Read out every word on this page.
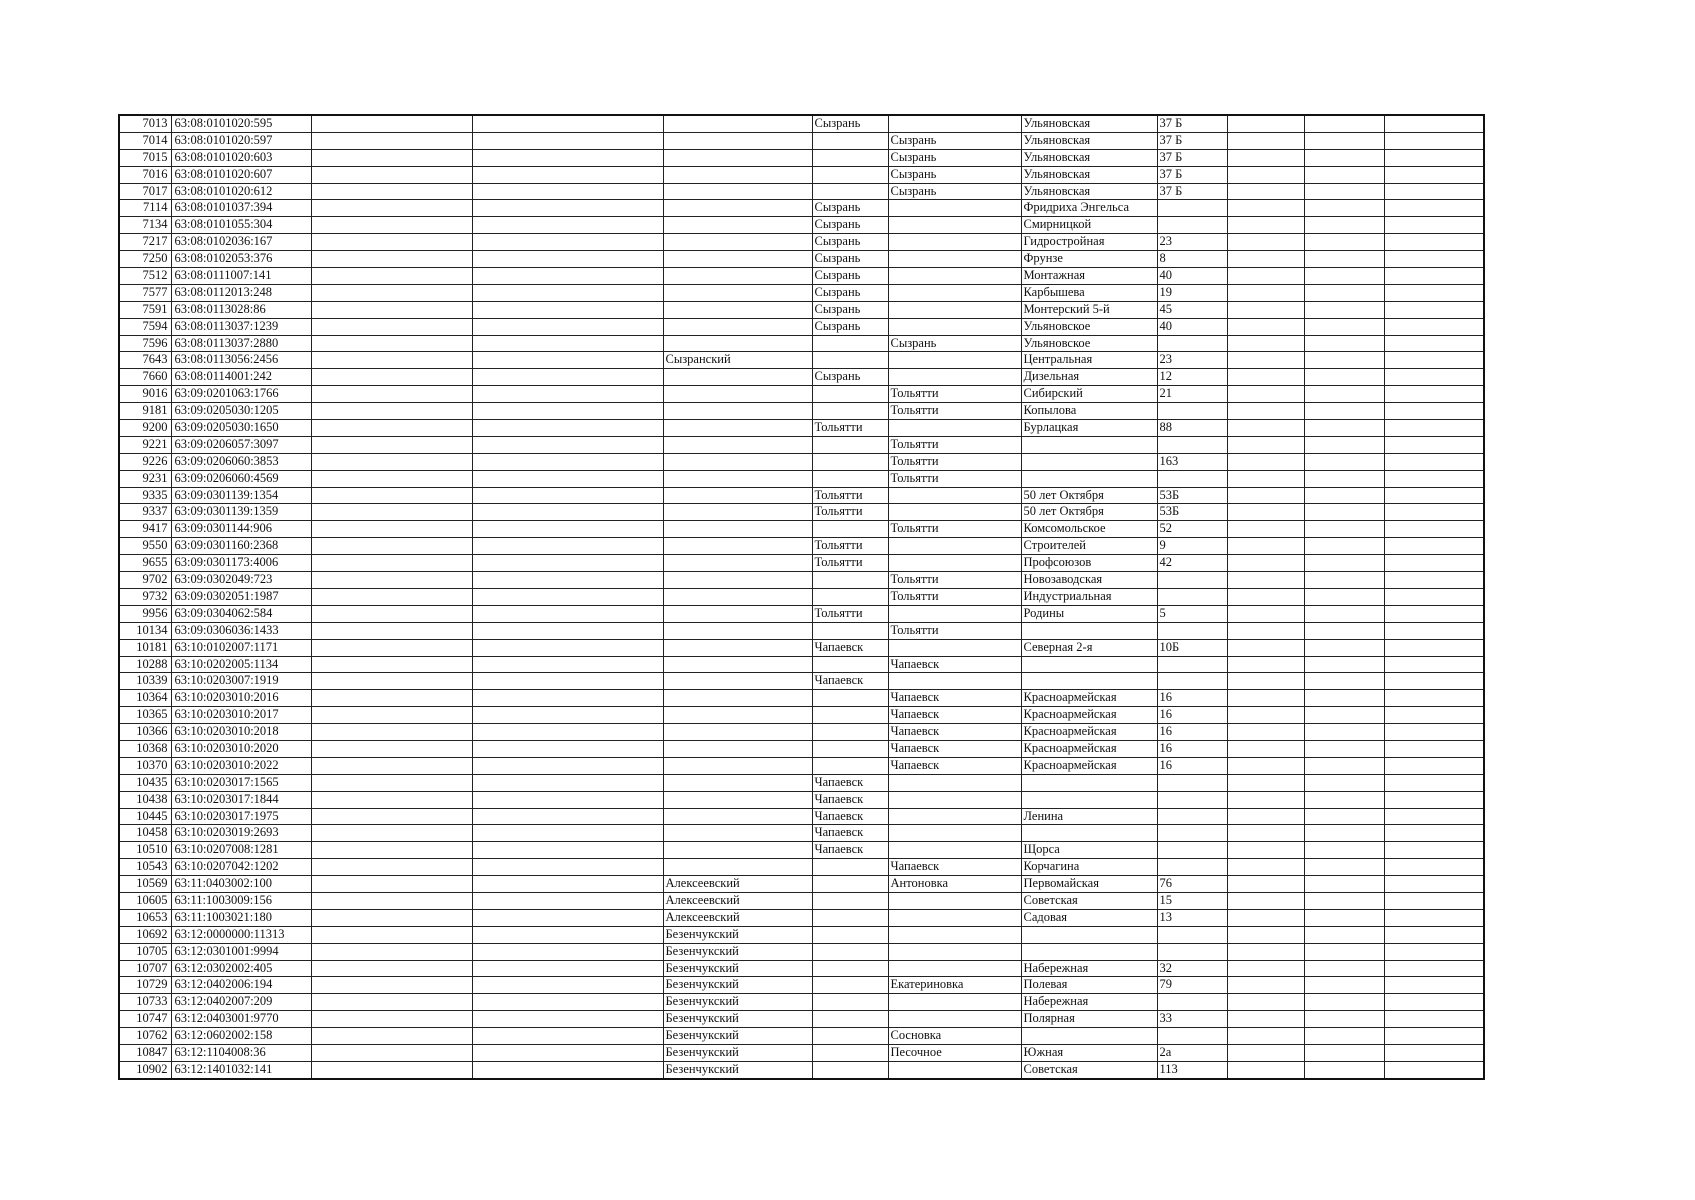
7013	63:08:0101020:595				Сызрань		Ульяновская	37 Б			
7014	63:08:0101020:597					Сызрань	Ульяновская	37 Б			
7015	63:08:0101020:603					Сызрань	Ульяновская	37 Б			
7016	63:08:0101020:607					Сызрань	Ульяновская	37 Б			
7017	63:08:0101020:612					Сызрань	Ульяновская	37 Б			
7114	63:08:0101037:394				Сызрань		Фридриха Энгельса				
7134	63:08:0101055:304				Сызрань		Смирницкой				
7217	63:08:0102036:167				Сызрань		Гидростройная	23			
7250	63:08:0102053:376				Сызрань		Фрунзе	8			
7512	63:08:0111007:141				Сызрань		Монтажная	40			
7577	63:08:0112013:248				Сызрань		Карбышева	19			
7591	63:08:0113028:86				Сызрань		Монтерский 5-й	45			
7594	63:08:0113037:1239				Сызрань		Ульяновское	40			
7596	63:08:0113037:2880					Сызрань	Ульяновское				
7643	63:08:0113056:2456			Сызранский			Центральная	23			
7660	63:08:0114001:242				Сызрань		Дизельная	12			
9016	63:09:0201063:1766					Тольятти	Сибирский	21			
9181	63:09:0205030:1205					Тольятти	Копылова				
9200	63:09:0205030:1650				Тольятти		Бурлацкая	88			
9221	63:09:0206057:3097					Тольятти					
9226	63:09:0206060:3853					Тольятти		163			
9231	63:09:0206060:4569					Тольятти					
9335	63:09:0301139:1354				Тольятти		50 лет Октября	53Б			
9337	63:09:0301139:1359				Тольятти		50 лет Октября	53Б			
9417	63:09:0301144:906					Тольятти	Комсомольское	52			
9550	63:09:0301160:2368				Тольятти		Строителей	9			
9655	63:09:0301173:4006				Тольятти		Профсоюзов	42			
9702	63:09:0302049:723					Тольятти	Новозаводская				
9732	63:09:0302051:1987					Тольятти	Индустриальная				
9956	63:09:0304062:584				Тольятти		Родины	5			
10134	63:09:0306036:1433					Тольятти					
10181	63:10:0102007:1171				Чапаевск		Северная 2-я	10Б			
10288	63:10:0202005:1134					Чапаевск					
10339	63:10:0203007:1919				Чапаевск						
10364	63:10:0203010:2016					Чапаевск	Красноармейская	16			
10365	63:10:0203010:2017					Чапаевск	Красноармейская	16			
10366	63:10:0203010:2018					Чапаевск	Красноармейская	16			
10368	63:10:0203010:2020					Чапаевск	Красноармейская	16			
10370	63:10:0203010:2022					Чапаевск	Красноармейская	16			
10435	63:10:0203017:1565				Чапаевск						
10438	63:10:0203017:1844				Чапаевск						
10445	63:10:0203017:1975				Чапаевск		Ленина				
10458	63:10:0203019:2693				Чапаевск						
10510	63:10:0207008:1281				Чапаевск		Щорса				
10543	63:10:0207042:1202					Чапаевск	Корчагина				
10569	63:11:0403002:100			Алексеевский		Антоновка	Первомайская	76			
10605	63:11:1003009:156			Алексеевский			Советская	15			
10653	63:11:1003021:180			Алексеевский			Садовая	13			
10692	63:12:0000000:11313			Безенчукский							
10705	63:12:0301001:9994			Безенчукский							
10707	63:12:0302002:405			Безенчукский			Набережная	32			
10729	63:12:0402006:194			Безенчукский		Екатериновка	Полевая	79			
10733	63:12:0402007:209			Безенчукский			Набережная				
10747	63:12:0403001:9770			Безенчукский			Полярная	33			
10762	63:12:0602002:158			Безенчукский		Сосновка					
10847	63:12:1104008:36			Безенчукский		Песочное	Южная	2а			
10902	63:12:1401032:141			Безенчукский			Советская	113			
